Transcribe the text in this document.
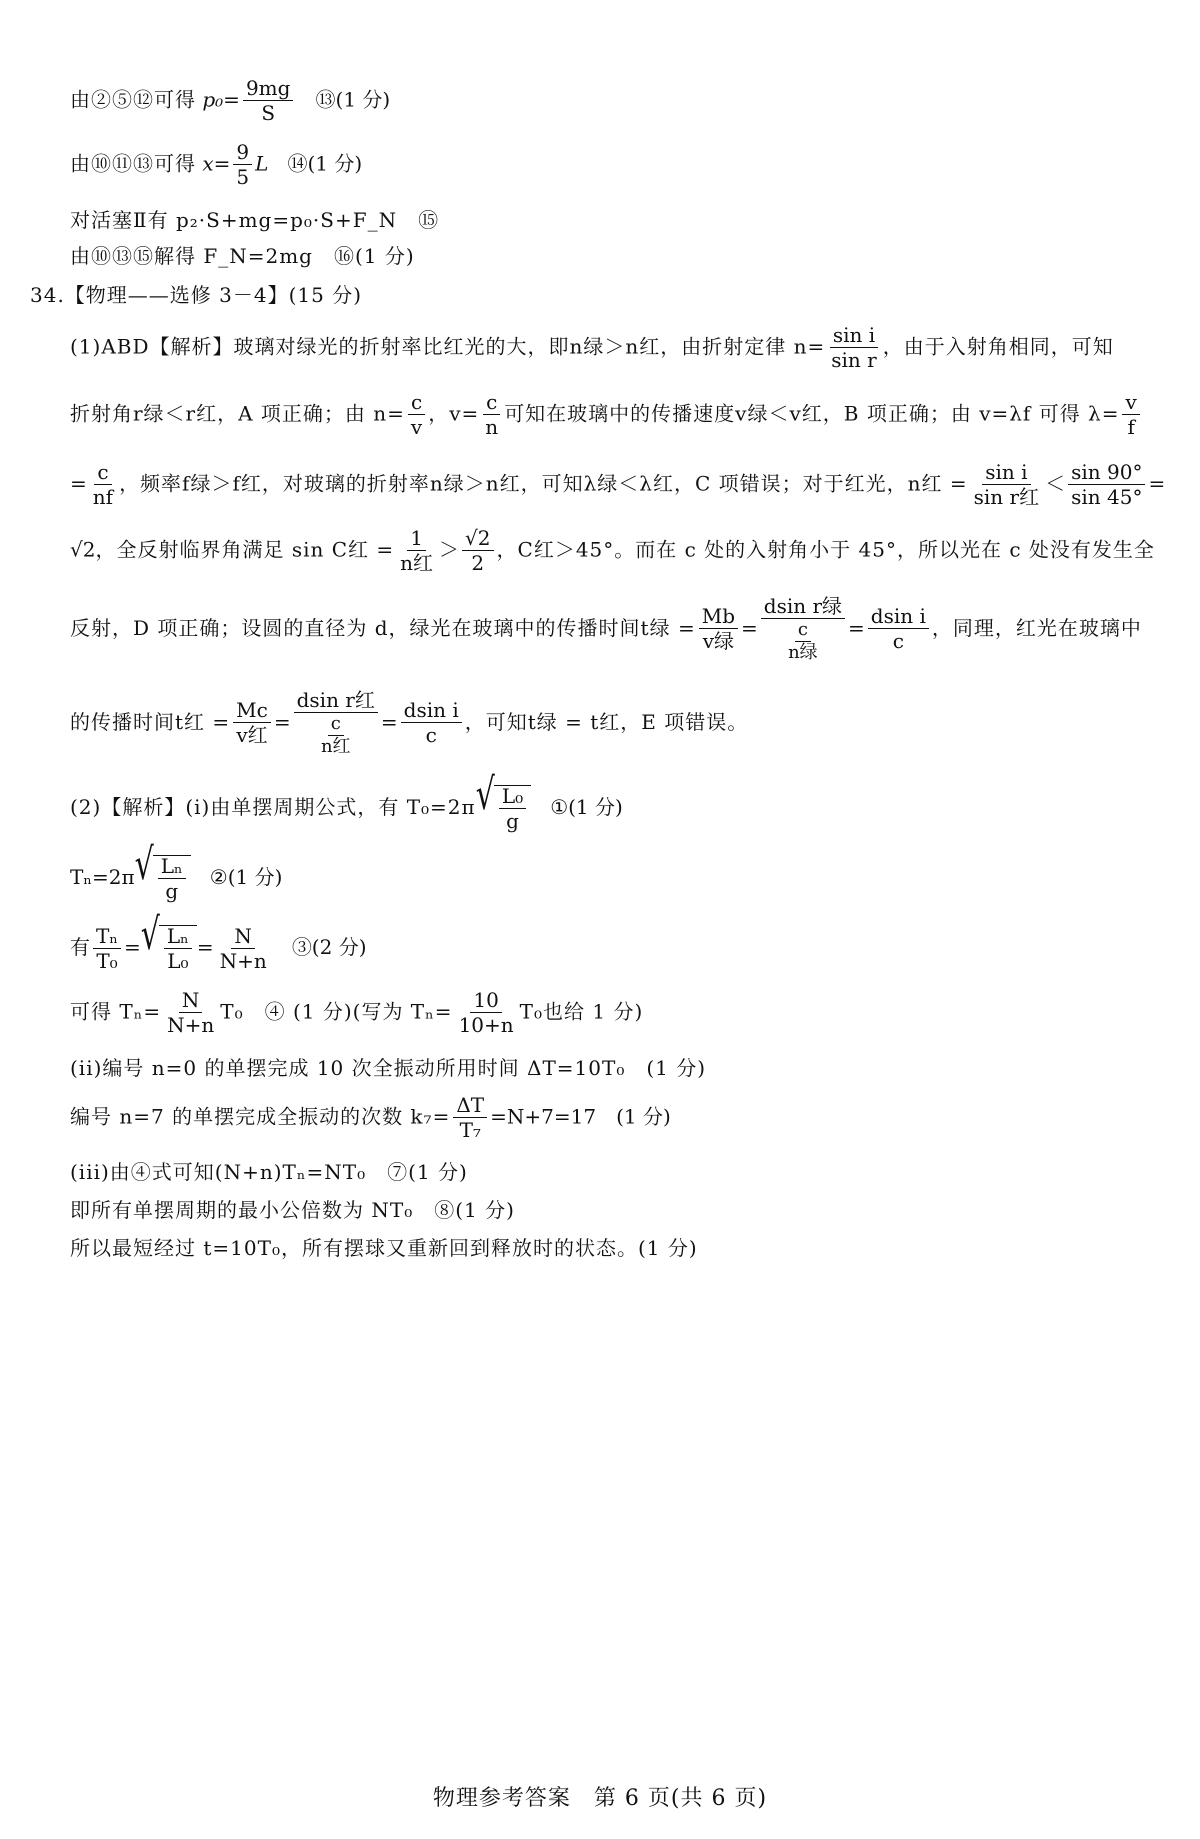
由②⑤⑫可得 $p_0= \frac{9mg}{S}$ ⑬(1 分)
由⑩⑪⑬可得 $x= \frac{9}{5}$ L ⑭(1 分)
对活塞Ⅱ有 p₂·S+mg=p₀·S+F_N　⑮
由⑩⑬⑮解得 F_N=2mg　⑯(1 分)
34.【物理——选修 3－4】(15 分)
(1)ABD【解析】玻璃对绿光的折射率比红光的大，即n绿＞n红，由折射定律 $n= \frac{\text{sin i}}{\text{sin r}}$ ，由于入射角相同，可知
折射角r绿＜r红，A 项正确；由 $n= \frac{c}{v}$ ，$v= \frac{c}{n}$ 可知在玻璃中的传播速度v绿＜v红，B 项正确；由 v=λf 可得 $\lambda= \frac{v}{f}$
= $\frac{c}{nf}$ ，频率f绿＞f红，对玻璃的折射率n绿＞n红，可知λ绿＜λ红，C 项错误；对于红光，n红 = $\frac{\text{sin i}}{\text{sin r红}} < \frac{\sin 90^\circ}{\sin 45^\circ}$ =
√2，全反射临界角满足 sin C红 = $\frac{1}{\text{n红}} > \frac{√2}{2}$ ，C红＞45°。而在 c 处的入射角小于 45°，所以光在 c 处没有发生全
反射，D 项正确；设圆的直径为 d，绿光在玻璃中的传播时间t绿 = $\frac{Mb}{\text{v绿}} = \frac{\text{dsin r绿}}{\frac{c}{\text{n绿}}} = \frac{\text{dsin i}}{c}$ ，同理，红光在玻璃中
的传播时间t红 = $\frac{Mc}{\text{v红}} = \frac{\text{dsin r红}}{\frac{c}{\text{n红}}} = \frac{\text{dsin i}}{c}$ ，可知t绿 = t红，E 项错误。
(2)【解析】(i)由单摆周期公式，有 T₀=2π √ $\frac{\text{L₀}}{g}$ ①(1 分)
Tₙ=2π √ $\frac{\text{Lₙ}}{g}$ ②(1 分)
有 $\frac{\text{Tₙ}}{\text{T₀}}$ = √ $\frac{\text{Lₙ}}{\text{L₀}} = \frac{N}{N+n}$ ③(2 分)
可得 $T_n= \frac{N}{N+n} T_0$　④ (1 分)(写为 $T_n= \frac{10}{10+n} T_0$也给 1 分)
(ii)编号 n=0 的单摆完成 10 次全振动所用时间 ΔT=10T₀　(1 分)
编号 n=7 的单摆完成全振动的次数 $k_7= \frac{\Delta T}{\text{T₇}} =N+7=17$　(1 分)
(iii)由④式可知(N+n)Tₙ=NT₀　⑦(1 分)
即所有单摆周期的最小公倍数为 NT₀　⑧(1 分)
所以最短经过 t=10T₀，所有摆球又重新回到释放时的状态。(1 分)
物理参考答案　第 6 页(共 6 页)
